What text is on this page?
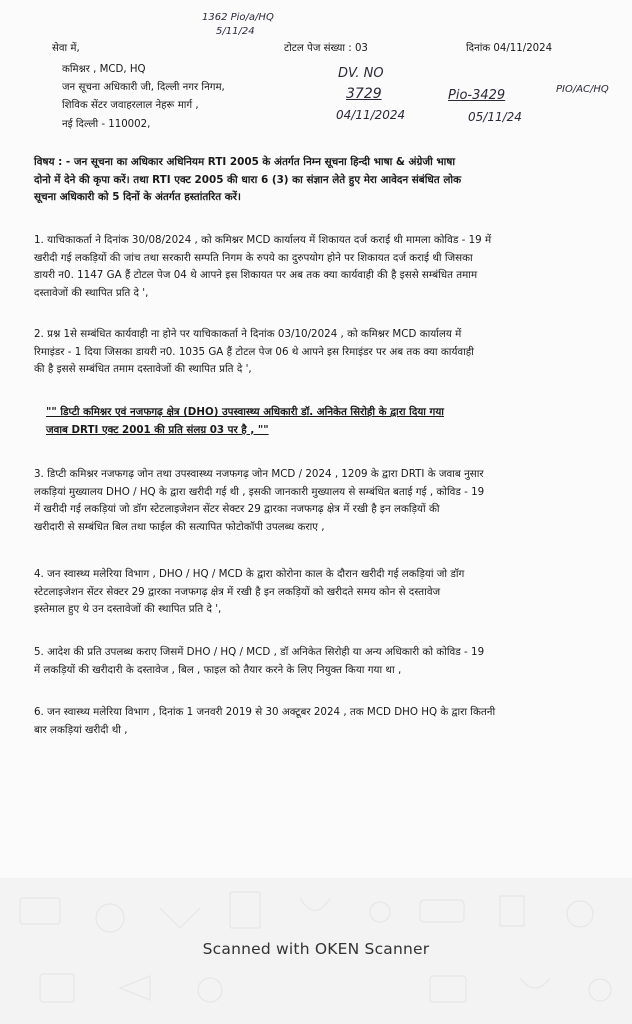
1362 Pio/a/HQ
5/11/24
सेवा में,	टोटल पेज संख्या : 03	दिनांक 04/11/2024
कमिश्नर , MCD, HQ
जन सूचना अधिकारी जी, दिल्ली नगर निगम,
शिविक सेंटर जवाहरलाल नेहरू मार्ग ,
नई दिल्ली - 110002,
DV. NO
3729
04/11/2024
Pio-3429
05/11/24
PIO/AC/HQ
विषय : - जन सूचना का अधिकार अधिनियम RTI 2005 के अंतर्गत निम्न सूचना हिन्दी भाषा & अंग्रेजी भाषा
दोनो में देने की कृपा करें। तथा RTI एक्ट 2005 की धारा 6 (3) का संज्ञान लेते हुए मेरा आवेदन संबंधित लोक
सूचना अधिकारी को 5 दिनों के अंतर्गत हस्तांतरित करें।
1. याचिकाकर्ता ने दिनांक 30/08/2024 , को कमिश्नर MCD कार्यालय में शिकायत दर्ज कराई थी मामला कोविड - 19 में
खरीदी गई लकड़ियों की जांच तथा सरकारी सम्पति निगम के रुपये का दुरुपयोग होने पर शिकायत दर्ज कराई थी जिसका
डायरी न0. 1147 GA हैं टोटल पेज 04 थे आपने इस शिकायत पर अब तक क्या कार्यवाही की है इससे सम्बंधित तमाम
दस्तावेजों की स्थापित प्रति दे ',
2. प्रश्न 1से सम्बंधित कार्यवाही ना होने पर याचिकाकर्ता ने दिनांक 03/10/2024 , को कमिश्नर MCD कार्यालय में
रिमाइंडर - 1 दिया जिसका डायरी न0. 1035 GA हैं टोटल पेज 06 थे आपने इस रिमाइंडर पर अब तक क्या कार्यवाही
की है इससे सम्बंधित तमाम दस्तावेजों की स्थापित प्रति दे ',
"" डिप्टी कमिश्नर एवं नजफगढ़ क्षेत्र (DHO) उपस्वास्थ्य अधिकारी डॉ. अनिकेत सिरोही के द्वारा दिया गया
जवाब DRTI एक्ट 2001 की प्रति संलग्र 03 पर है , ""
3. डिप्टी कमिश्नर नजफगढ़ जोन तथा उपस्वास्थ्य नजफगढ़ जोन MCD / 2024 , 1209 के द्वारा DRTI के जवाब नुसार
लकड़ियां मुख्यालय DHO / HQ के द्वारा खरीदी गई थी , इसकी जानकारी मुख्यालय से सम्बंधित बताई गई , कोविड - 19
में खरीदी गई लकड़ियां जो डॉग स्टेटलाइजेशन सेंटर सेक्टर 29 द्वारका नजफगढ़ क्षेत्र में रखी है इन लकड़ियों की
खरीदारी से सम्बंधित बिल तथा फाईल की सत्यापित फोटोकॉपी उपलब्ध कराए ,
4. जन स्वास्थ्य मलेरिया विभाग , DHO / HQ / MCD के द्वारा कोरोना काल के दौरान खरीदी गई लकड़ियां जो डॉग
स्टेटलाइजेशन सेंटर सेक्टर 29 द्वारका नजफगढ़ क्षेत्र में रखी है इन लकड़ियों को खरीदते समय कोन से दस्तावेज
इस्तेमाल हुए थे उन दस्तावेजों की स्थापित प्रति दे ',
5. आदेश की प्रति उपलब्ध कराए जिसमें DHO / HQ / MCD , डॉ अनिकेत सिरोही या अन्य अधिकारी को कोविड - 19
में लकड़ियों की खरीदारी के दस्तावेज , बिल , फाइल को तैयार करने के लिए नियुक्त किया गया था ,
6. जन स्वास्थ्य मलेरिया विभाग , दिनांक 1 जनवरी 2019 से 30 अक्टूबर 2024 , तक MCD DHO HQ के द्वारा कितनी
बार लकड़ियां खरीदी थी ,
Scanned with OKEN Scanner
